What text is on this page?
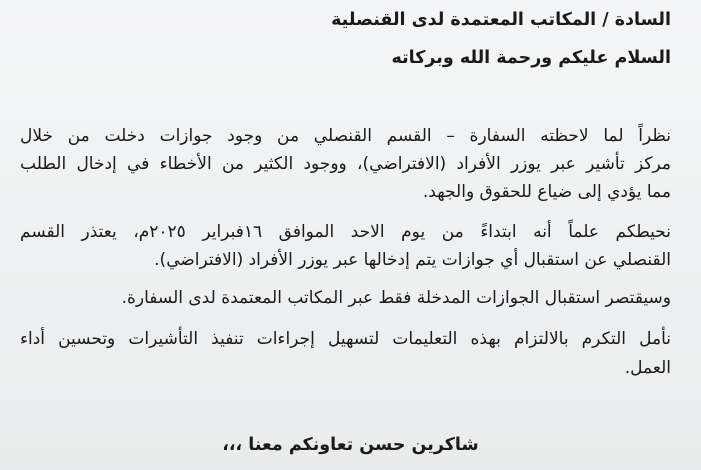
السادة / المكاتب المعتمدة لدى القنصلية
السلام عليكم ورحمة الله وبركاته
نظراً لما لاحظته السفارة – القسم القنصلي من وجود جوازات دخلت من خلال
مركز تأشير عبر يوزر الأفراد (الافتراضي)، ووجود الكثير من الأخطاء في إدخال الطلب
مما يؤدي إلى ضياع للحقوق والجهد.
نحيطكم علماً أنه ابتداءً من يوم الاحد الموافق ١٦فبراير ٢٠٢٥م، يعتذر القسم
القنصلي عن استقبال أي جوازات يتم إدخالها عبر يوزر الأفراد (الافتراضي).
وسيقتصر استقبال الجوازات المدخلة فقط عبر المكاتب المعتمدة لدى السفارة.
نأمل التكرم بالالتزام بهذه التعليمات لتسهيل إجراءات تنفيذ التأشيرات وتحسين أداء
العمل.
شاكرين حسن تعاونكم معنا ،،،
